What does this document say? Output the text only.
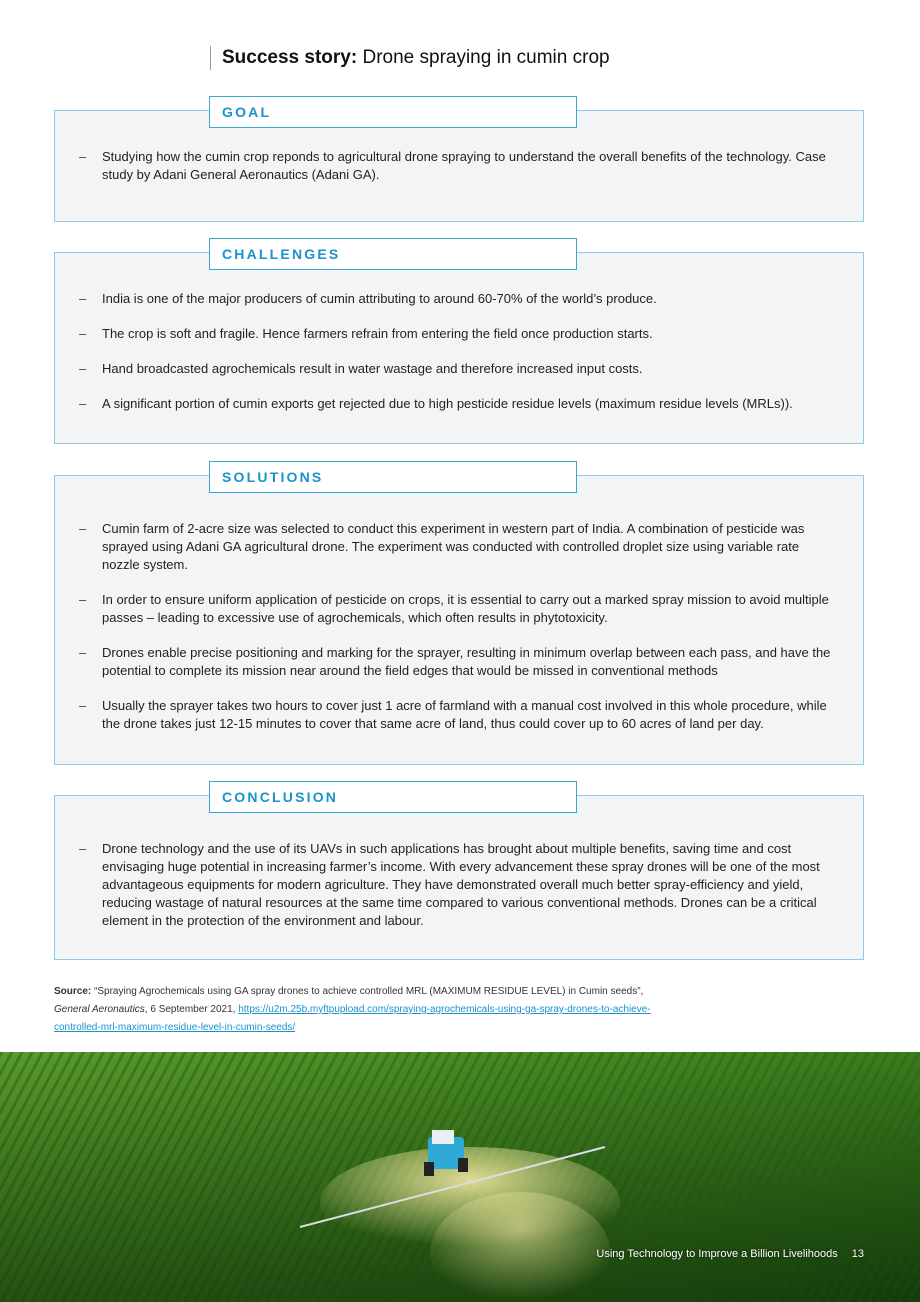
Success story: Drone spraying in cumin crop
– Studying how the cumin crop reponds to agricultural drone spraying to understand the overall benefits of the technology. Case study by Adani General Aeronautics (Adani GA).
GOAL
– India is one of the major producers of cumin attributing to around 60-70% of the world’s produce.
– The crop is soft and fragile. Hence farmers refrain from entering the field once production starts.
– Hand broadcasted agrochemicals result in water wastage and therefore increased input costs.
– A significant portion of cumin exports get rejected due to high pesticide residue levels (maximum residue levels (MRLs)).
CHALLENGES
– Cumin farm of 2-acre size was selected to conduct this experiment in western part of India. A combination of pesticide was sprayed using Adani GA agricultural drone. The experiment was conducted with controlled droplet size using variable rate nozzle system.
– In order to ensure uniform application of pesticide on crops, it is essential to carry out a marked spray mission to avoid multiple passes – leading to excessive use of agrochemicals, which often results in phytotoxicity.
– Drones enable precise positioning and marking for the sprayer, resulting in minimum overlap between each pass, and have the potential to complete its mission near around the field edges that would be missed in conventional methods
– Usually the sprayer takes two hours to cover just 1 acre of farmland with a manual cost involved in this whole procedure, while the drone takes just 12-15 minutes to cover that same acre of land, thus could cover up to 60 acres of land per day.
SOLUTIONS
– Drone technology and the use of its UAVs in such applications has brought about multiple benefits, saving time and cost envisaging huge potential in increasing farmer’s income. With every advancement these spray drones will be one of the most advantageous equipments for modern agriculture. They have demonstrated overall much better spray-efficiency and yield, reducing wastage of natural resources at the same time compared to various conventional methods. Drones can be a critical element in the protection of the environment and labour.
CONCLUSION
Source: “Spraying Agrochemicals using GA spray drones to achieve controlled MRL (MAXIMUM RESIDUE LEVEL) in Cumin seeds”, General Aeronautics, 6 September 2021, https://u2m.25b.myftpupload.com/spraying-agrochemicals-using-ga-spray-drones-to-achieve-controlled-mrl-maximum-residue-level-in-cumin-seeds/
Using Technology to Improve a Billion Livelihoods 13
